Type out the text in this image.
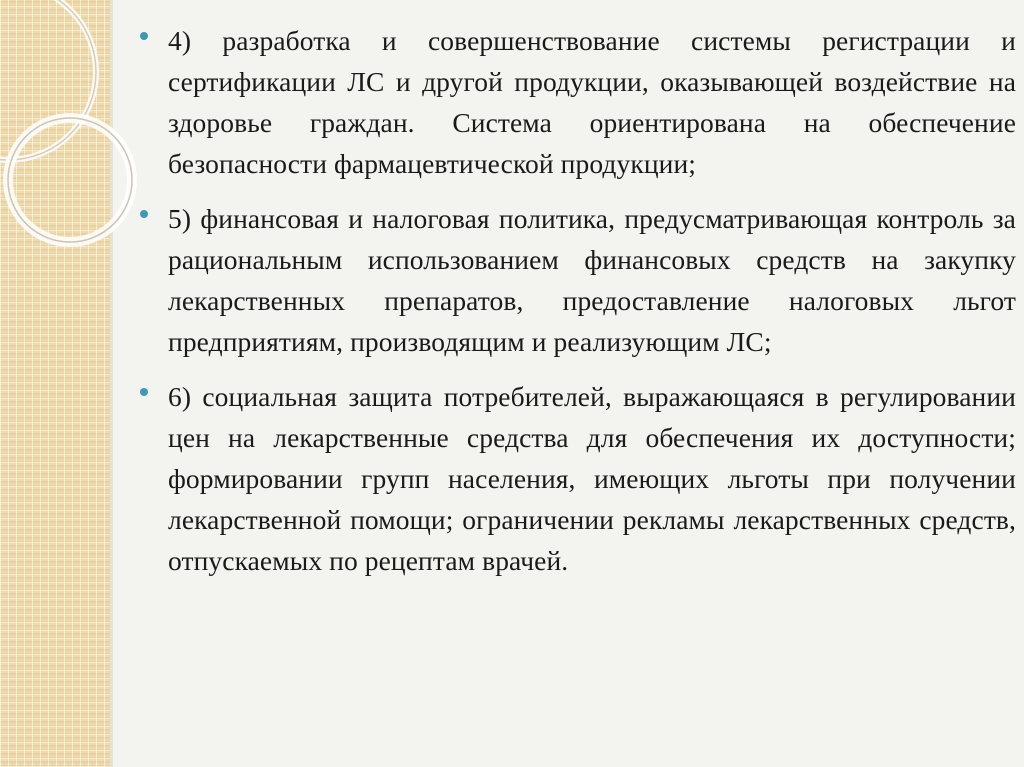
4) разработка и совершенствование системы регистрации и сертификации ЛС и другой продукции, оказывающей воздействие на здоровье граждан. Система ориентирована на обеспечение безопасности фармацевтической продукции;
5) финансовая и налоговая политика, предусматривающая контроль за рациональным использованием финансовых средств на закупку лекарственных препаратов, предоставление налоговых льгот предприятиям, производящим и реализующим ЛС;
6) социальная защита потребителей, выражающаяся в регулировании цен на лекарственные средства для обеспечения их доступности; формировании групп населения, имеющих льготы при получении лекарственной помощи; ограничении рекламы лекарственных средств, отпускаемых по рецептам врачей.
